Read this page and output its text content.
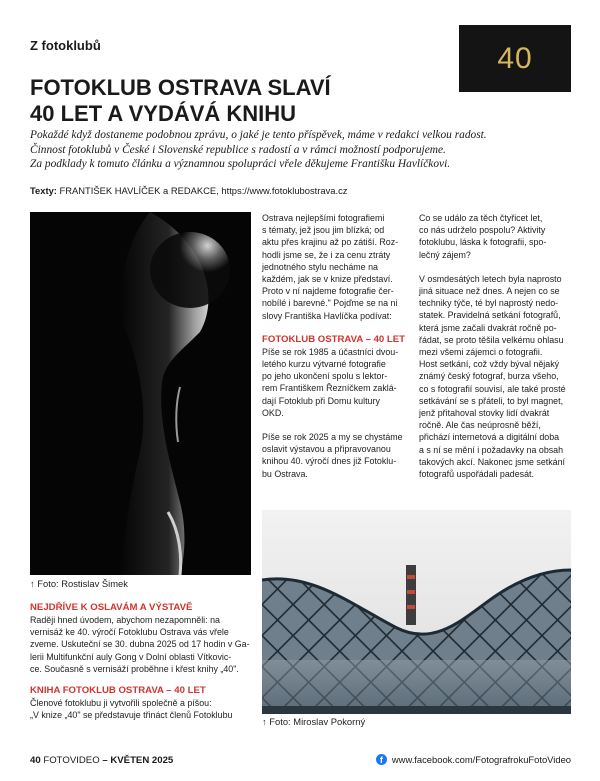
Z fotoklubů	40
FOTOKLUB OSTRAVA SLAVÍ
40 LET A VYDÁVÁ KNIHU
Pokaždé když dostaneme podobnou zprávu, o jaké je tento příspěvek, máme v redakci velkou radost.
Činnost fotoklubů v České i Slovenské republice s radostí a v rámci možností podporujeme.
Za podklady k tomuto článku a významnou spolupráci vřele děkujeme Františku Havlíčkovi.
Texty: FRANTIŠEK HAVLÍČEK a REDAKCE, https://www.fotoklubostrava.cz
↑ Foto: Rostislav Šimek

Ostrava nejlepšími fotografiemi
s tématy, jež jsou jim blízká; od
aktu přes krajinu až po zátiší. Roz-
hodli jsme se, že i za cenu ztráty
jednotného stylu necháme na
každém, jak se v knize představí.
Proto v ní najdeme fotografie čer-
nobílé i barevné." Pojďme se na ni
slovy Františka Havlíčka podívat:

FOTOKLUB OSTRAVA – 40 LET

Píše se rok 1985 a účastníci dvou-
letého kurzu výtvarné fotografie
po jeho ukončení spolu s lektor-
rem Františkem Řezníčkem zaklá-
dají Fotoklub při Domu kultury
OKD.

Píše se rok 2025 a my se chystáme
oslavit výstavou a připravovanou
knihou 40. výročí dnes již Fotoklu-
bu Ostrava.

Co se událo za těch čtyřicet let,
co nás udrželo pospolu? Aktivity
fotoklubu, láska k fotografii, spo-
lečný zájem?

V osmdesátých letech byla naprosto
jiná situace než dnes. A nejen co se
techniky týče, té byl naprostý nedo-
statek. Pravidelná setkání fotografů,
která jsme začali dvakrát ročně po-
řádat, se proto těšila velkému ohlasu
mezi všemi zájemci o fotografii.
Host setkání, což vždy býval nějaký
známý český fotograf, burza všeho,
co s fotografií souvisí, ale také prosté
setkávání se s přáteli, to byl magnet,
jenž přitahoval stovky lidí dvakrát
ročně. Ale čas neúprosně běží,
přichází internetová a digitální doba
a s ní se mění i požadavky na obsah
takových akcí. Nakonec jsme setkání
fotografů uspořádali padesát.

↑ Foto: Miroslav Pokorný
NEJDŘÍVE K OSLAVÁM A VÝSTAVĚ

Raději hned úvodem, abychom nezapomněli: na
vernisáž ke 40. výročí Fotoklubu Ostrava vás vřele
zveme. Uskuteční se 30. dubna 2025 od 17 hodin v Ga-
lerii Multifunkční auly Gong v Dolní oblasti Vítkovic-
ce. Současně s vernisáží proběhne i křest knihy „40".

KNIHA FOTOKLUB OSTRAVA – 40 LET

Členové fotoklubu ji vytvořili společně a píšou:
„V knize „40" se představuje třináct členů Fotoklubu

40 FOTOVIDEO – KVĚTEN 2025	f www.facebook.com/FotografrokuFotoVideo
